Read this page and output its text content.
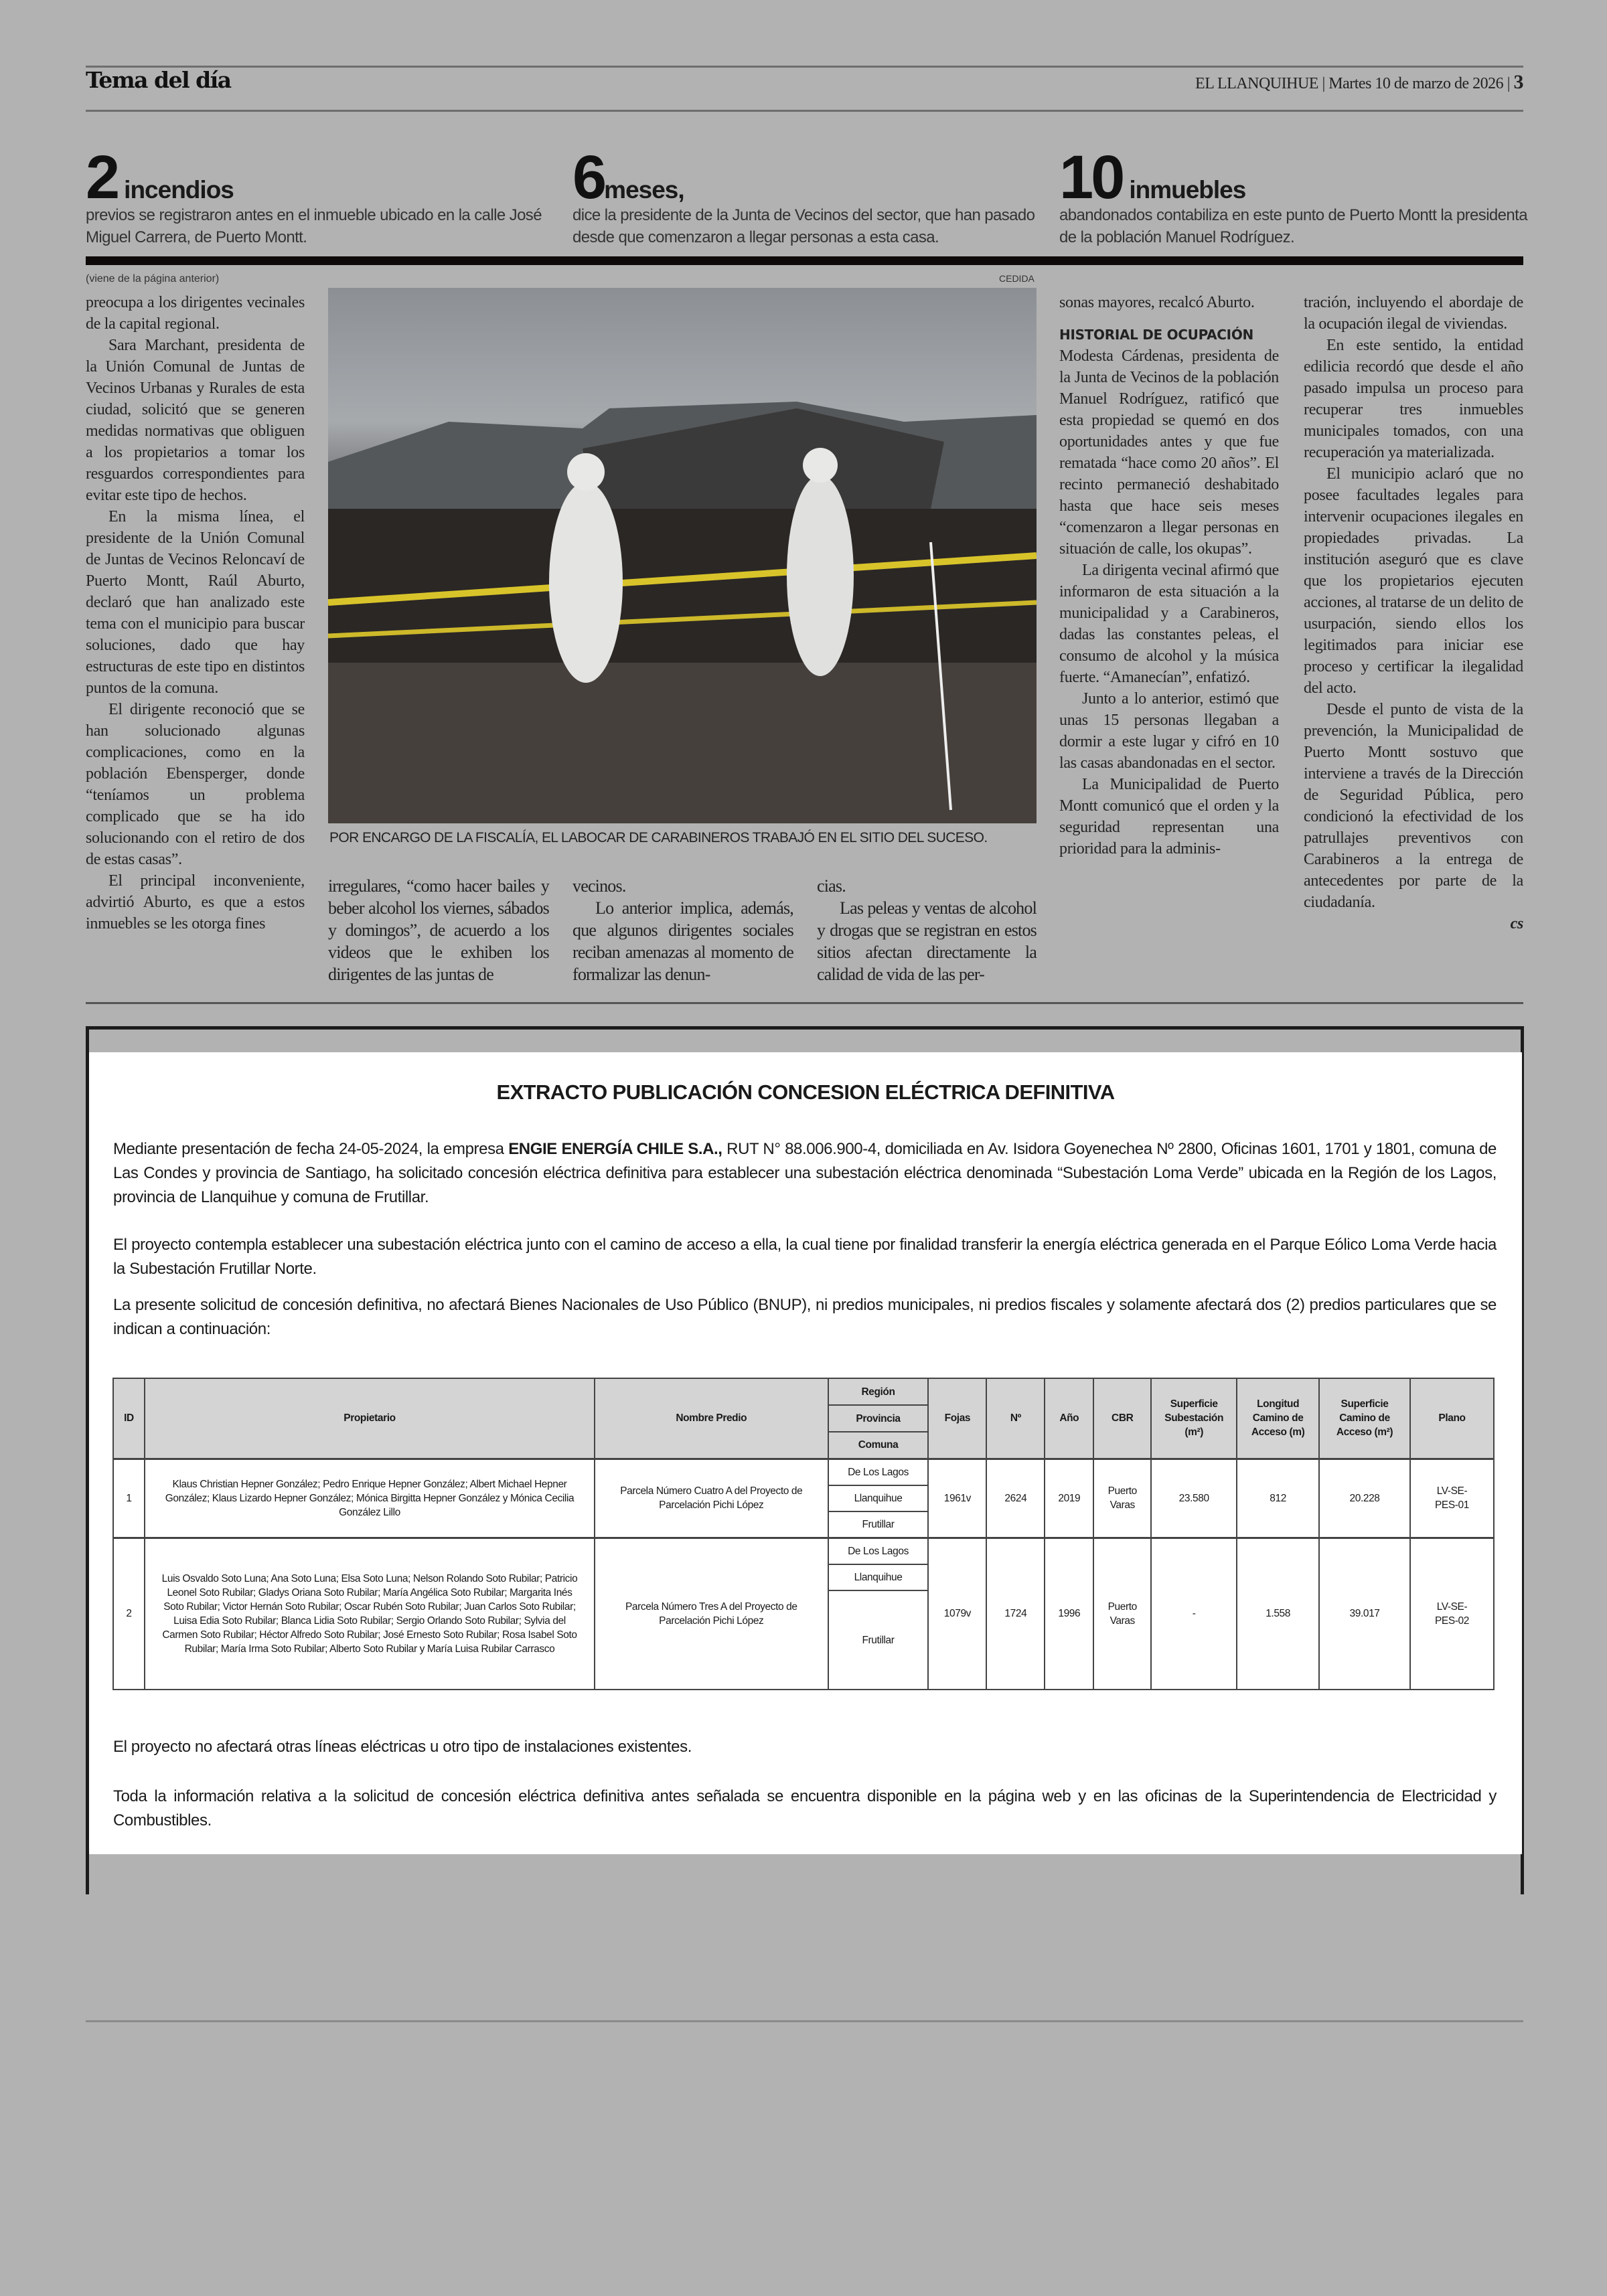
Tema del día	EL LLANQUIHUE | Martes 10 de marzo de 2026 | 3
2 incendios
previos se registraron antes en el inmueble ubicado en la calle José Miguel Carrera, de Puerto Montt.
6meses,
dice la presidente de la Junta de Vecinos del sector, que han pasado desde que comenzaron a llegar personas a esta casa.
10 inmuebles
abandonados contabiliza en este punto de Puerto Montt la presidenta de la población Manuel Rodríguez.
(viene de la página anterior)	CEDIDA

preocupa a los dirigentes vecinales de la capital regional.

Sara Marchant, presidenta de la Unión Comunal de Juntas de Vecinos Urbanas y Rurales de esta ciudad, solicitó que se generen medidas normativas que obliguen a los propietarios a tomar los resguardos correspondientes para evitar este tipo de hechos.

En la misma línea, el presidente de la Unión Comunal de Juntas de Vecinos Reloncaví de Puerto Montt, Raúl Aburto, declaró que han analizado este tema con el municipio para buscar soluciones, dado que hay estructuras de este tipo en distintos puntos de la comuna.

El dirigente reconoció que se han solucionado algunas complicaciones, como en la población Ebensperger, donde “teníamos un problema complicado que se ha ido solucionando con el retiro de dos de estas casas”.

El principal inconveniente, advirtió Aburto, es que a estos inmuebles se les otorga fines

POR ENCARGO DE LA FISCALÍA, EL LABOCAR DE CARABINEROS TRABAJÓ EN EL SITIO DEL SUCESO.

irregulares, “como hacer bailes y beber alcohol los viernes, sábados y domingos”, de acuerdo a los videos que le exhiben los dirigentes de las juntas de

vecinos.

Lo anterior implica, además, que algunos dirigentes sociales reciban amenazas al momento de formalizar las denun-

cias.

Las peleas y ventas de alcohol y drogas que se registran en estos sitios afectan directamente la calidad de vida de las per-

sonas mayores, recalcó Aburto.

HISTORIAL DE OCUPACIÓN

Modesta Cárdenas, presidenta de la Junta de Vecinos de la población Manuel Rodríguez, ratificó que esta propiedad se quemó en dos oportunidades antes y que fue rematada “hace como 20 años”. El recinto permaneció deshabitado hasta que hace seis meses “comenzaron a llegar personas en situación de calle, los okupas”.

La dirigenta vecinal afirmó que informaron de esta situación a la municipalidad y a Carabineros, dadas las constantes peleas, el consumo de alcohol y la música fuerte. “Amanecían”, enfatizó.

Junto a lo anterior, estimó que unas 15 personas llegaban a dormir a este lugar y cifró en 10 las casas abandonadas en el sector.

La Municipalidad de Puerto Montt comunicó que el orden y la seguridad representan una prioridad para la adminis-

tración, incluyendo el abordaje de la ocupación ilegal de viviendas.

En este sentido, la entidad edilicia recordó que desde el año pasado impulsa un proceso para recuperar tres inmuebles municipales tomados, con una recuperación ya materializada.

El municipio aclaró que no posee facultades legales para intervenir ocupaciones ilegales en propiedades privadas. La institución aseguró que es clave que los propietarios ejecuten acciones, al tratarse de un delito de usurpación, siendo ellos los legitimados para iniciar ese proceso y certificar la ilegalidad del acto.

Desde el punto de vista de la prevención, la Municipalidad de Puerto Montt sostuvo que interviene a través de la Dirección de Seguridad Pública, pero condicionó la efectividad de los patrullajes preventivos con Carabineros a la entrega de antecedentes por parte de la ciudadanía.

cs
EXTRACTO PUBLICACIÓN CONCESION ELÉCTRICA DEFINITIVA
Mediante presentación de fecha 24-05-2024, la empresa ENGIE ENERGÍA CHILE S.A., RUT N° 88.006.900-4, domiciliada en Av. Isidora Goyenechea Nº 2800, Oficinas 1601, 1701 y 1801, comuna de Las Condes y provincia de Santiago, ha solicitado concesión eléctrica definitiva para establecer una subestación eléctrica denominada “Subestación Loma Verde” ubicada en la Región de los Lagos, provincia de Llanquihue y comuna de Frutillar.
El proyecto contempla establecer una subestación eléctrica junto con el camino de acceso a ella, la cual tiene por finalidad transferir la energía eléctrica generada en el Parque Eólico Loma Verde hacia la Subestación Frutillar Norte.
La presente solicitud de concesión definitiva, no afectará Bienes Nacionales de Uso Público (BNUP), ni predios municipales, ni predios fiscales y solamente afectará dos (2) predios particulares que se indican a continuación:
ID	Propietario	Nombre Predio	Región	Fojas	Nº	Año	CBR	Superficie Subestación (m²)	Longitud Camino de Acceso (m)	Superficie Camino de Acceso (m²)	Plano
			Provincia								
			Comuna								
1	Klaus Christian Hepner González; Pedro Enrique Hepner González; Albert Michael Hepner González; Klaus Lizardo Hepner González; Mónica Birgitta Hepner González y Mónica Cecilia González Lillo	Parcela Número Cuatro A del Proyecto de Parcelación Pichi López	De Los Lagos	1961v	2624	2019	Puerto Varas	23.580	812	20.228	LV-SE-PES-01
			Llanquihue								
			Frutillar								
2	Luis Osvaldo Soto Luna; Ana Soto Luna; Elsa Soto Luna; Nelson Rolando Soto Rubilar; Patricio Leonel Soto Rubilar; Gladys Oriana Soto Rubilar; María Angélica Soto Rubilar; Margarita Inés Soto Rubilar; Victor Hernán Soto Rubilar; Oscar Rubén Soto Rubilar; Juan Carlos Soto Rubilar; Luisa Edia Soto Rubilar; Blanca Lidia Soto Rubilar; Sergio Orlando Soto Rubilar; Sylvia del Carmen Soto Rubilar; Héctor Alfredo Soto Rubilar; José Ernesto Soto Rubilar; Rosa Isabel Soto Rubilar; María Irma Soto Rubilar; Alberto Soto Rubilar y María Luisa Rubilar Carrasco	Parcela Número Tres A del Proyecto de Parcelación Pichi López	De Los Lagos	1079v	1724	1996	Puerto Varas	-	1.558	39.017	LV-SE-PES-02
			Llanquihue								
			Frutillar								
El proyecto no afectará otras líneas eléctricas u otro tipo de instalaciones existentes.
Toda la información relativa a la solicitud de concesión eléctrica definitiva antes señalada se encuentra disponible en la página web y en las oficinas de la Superintendencia de Electricidad y Combustibles.
